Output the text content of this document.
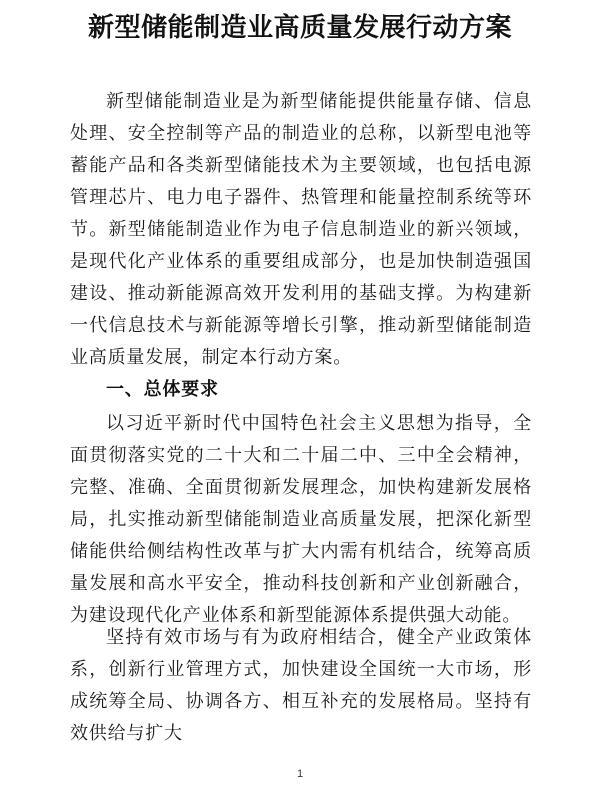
新型储能制造业高质量发展行动方案

新型储能制造业是为新型储能提供能量存储、信息处理、安全控制等产品的制造业的总称，以新型电池等蓄能产品和各类新型储能技术为主要领域，也包括电源管理芯片、电力电子器件、热管理和能量控制系统等环节。新型储能制造业作为电子信息制造业的新兴领域，是现代化产业体系的重要组成部分，也是加快制造强国建设、推动新能源高效开发利用的基础支撑。为构建新一代信息技术与新能源等增长引擎，推动新型储能制造业高质量发展，制定本行动方案。

一、总体要求

以习近平新时代中国特色社会主义思想为指导，全面贯彻落实党的二十大和二十届二中、三中全会精神，完整、准确、全面贯彻新发展理念，加快构建新发展格局，扎实推动新型储能制造业高质量发展，把深化新型储能供给侧结构性改革与扩大内需有机结合，统筹高质量发展和高水平安全，推动科技创新和产业创新融合，为建设现代化产业体系和新型能源体系提供强大动能。

坚持有效市场与有为政府相结合，健全产业政策体系，创新行业管理方式，加快建设全国统一大市场，形成统筹全局、协调各方、相互补充的发展格局。坚持有效供给与扩大

1
